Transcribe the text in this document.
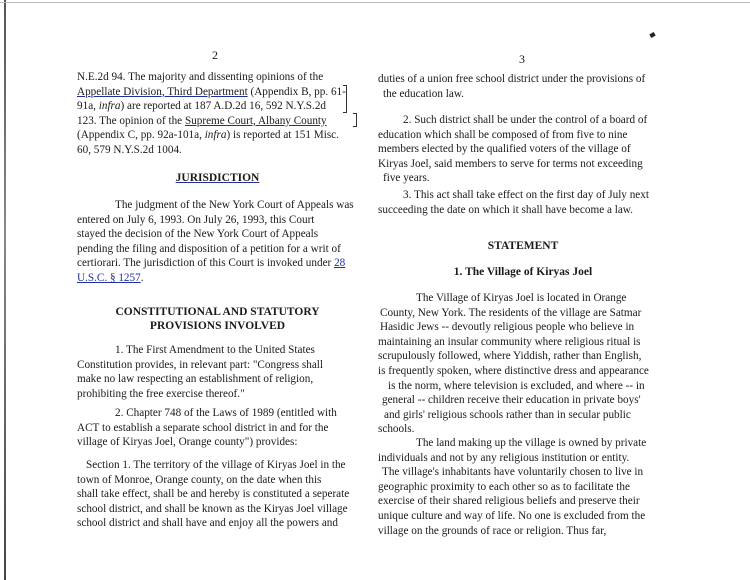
2
N.E.2d 94. The majority and dissenting opinions of the
Appellate Division, Third Department (Appendix B, pp. 61-
91a, infra) are reported at 187 A.D.2d 16, 592 N.Y.S.2d
123. The opinion of the Supreme Court, Albany County
(Appendix C, pp. 92a-101a, infra) is reported at 151 Misc.
60, 579 N.Y.S.2d 1004.
JURISDICTION
The judgment of the New York Court of Appeals was
entered on July 6, 1993. On July 26, 1993, this Court
stayed the decision of the New York Court of Appeals
pending the filing and disposition of a petition for a writ of
certiorari. The jurisdiction of this Court is invoked under 28
U.S.C. § 1257.
CONSTITUTIONAL AND STATUTORY
PROVISIONS INVOLVED
1. The First Amendment to the United States
Constitution provides, in relevant part: "Congress shall
make no law respecting an establishment of religion,
prohibiting the free exercise thereof."
2. Chapter 748 of the Laws of 1989 (entitled with
ACT to establish a separate school district in and for the
village of Kiryas Joel, Orange county") provides:
Section 1. The territory of the village of Kiryas Joel in the
town of Monroe, Orange county, on the date when this
shall take effect, shall be and hereby is constituted a seperate
school district, and shall be known as the Kiryas Joel village
school district and shall have and enjoy all the powers and
3
duties of a union free school district under the provisions of
the education law.
2. Such district shall be under the control of a board of
education which shall be composed of from five to nine
members elected by the qualified voters of the village of
Kiryas Joel, said members to serve for terms not exceeding
five years.
3. This act shall take effect on the first day of July next
succeeding the date on which it shall have become a law.
STATEMENT
1. The Village of Kiryas Joel
The Village of Kiryas Joel is located in Orange
County, New York. The residents of the village are Satmar
Hasidic Jews -- devoutly religious people who believe in
maintaining an insular community where religious ritual is
scrupulously followed, where Yiddish, rather than English,
is frequently spoken, where distinctive dress and appearance
is the norm, where television is excluded, and where -- in
general -- children receive their education in private boys'
and girls' religious schools rather than in secular public
schools.
The land making up the village is owned by private
individuals and not by any religious institution or entity.
The village's inhabitants have voluntarily chosen to live in
geographic proximity to each other so as to facilitate the
exercise of their shared religious beliefs and preserve their
unique culture and way of life. No one is excluded from the
village on the grounds of race or religion. Thus far,
